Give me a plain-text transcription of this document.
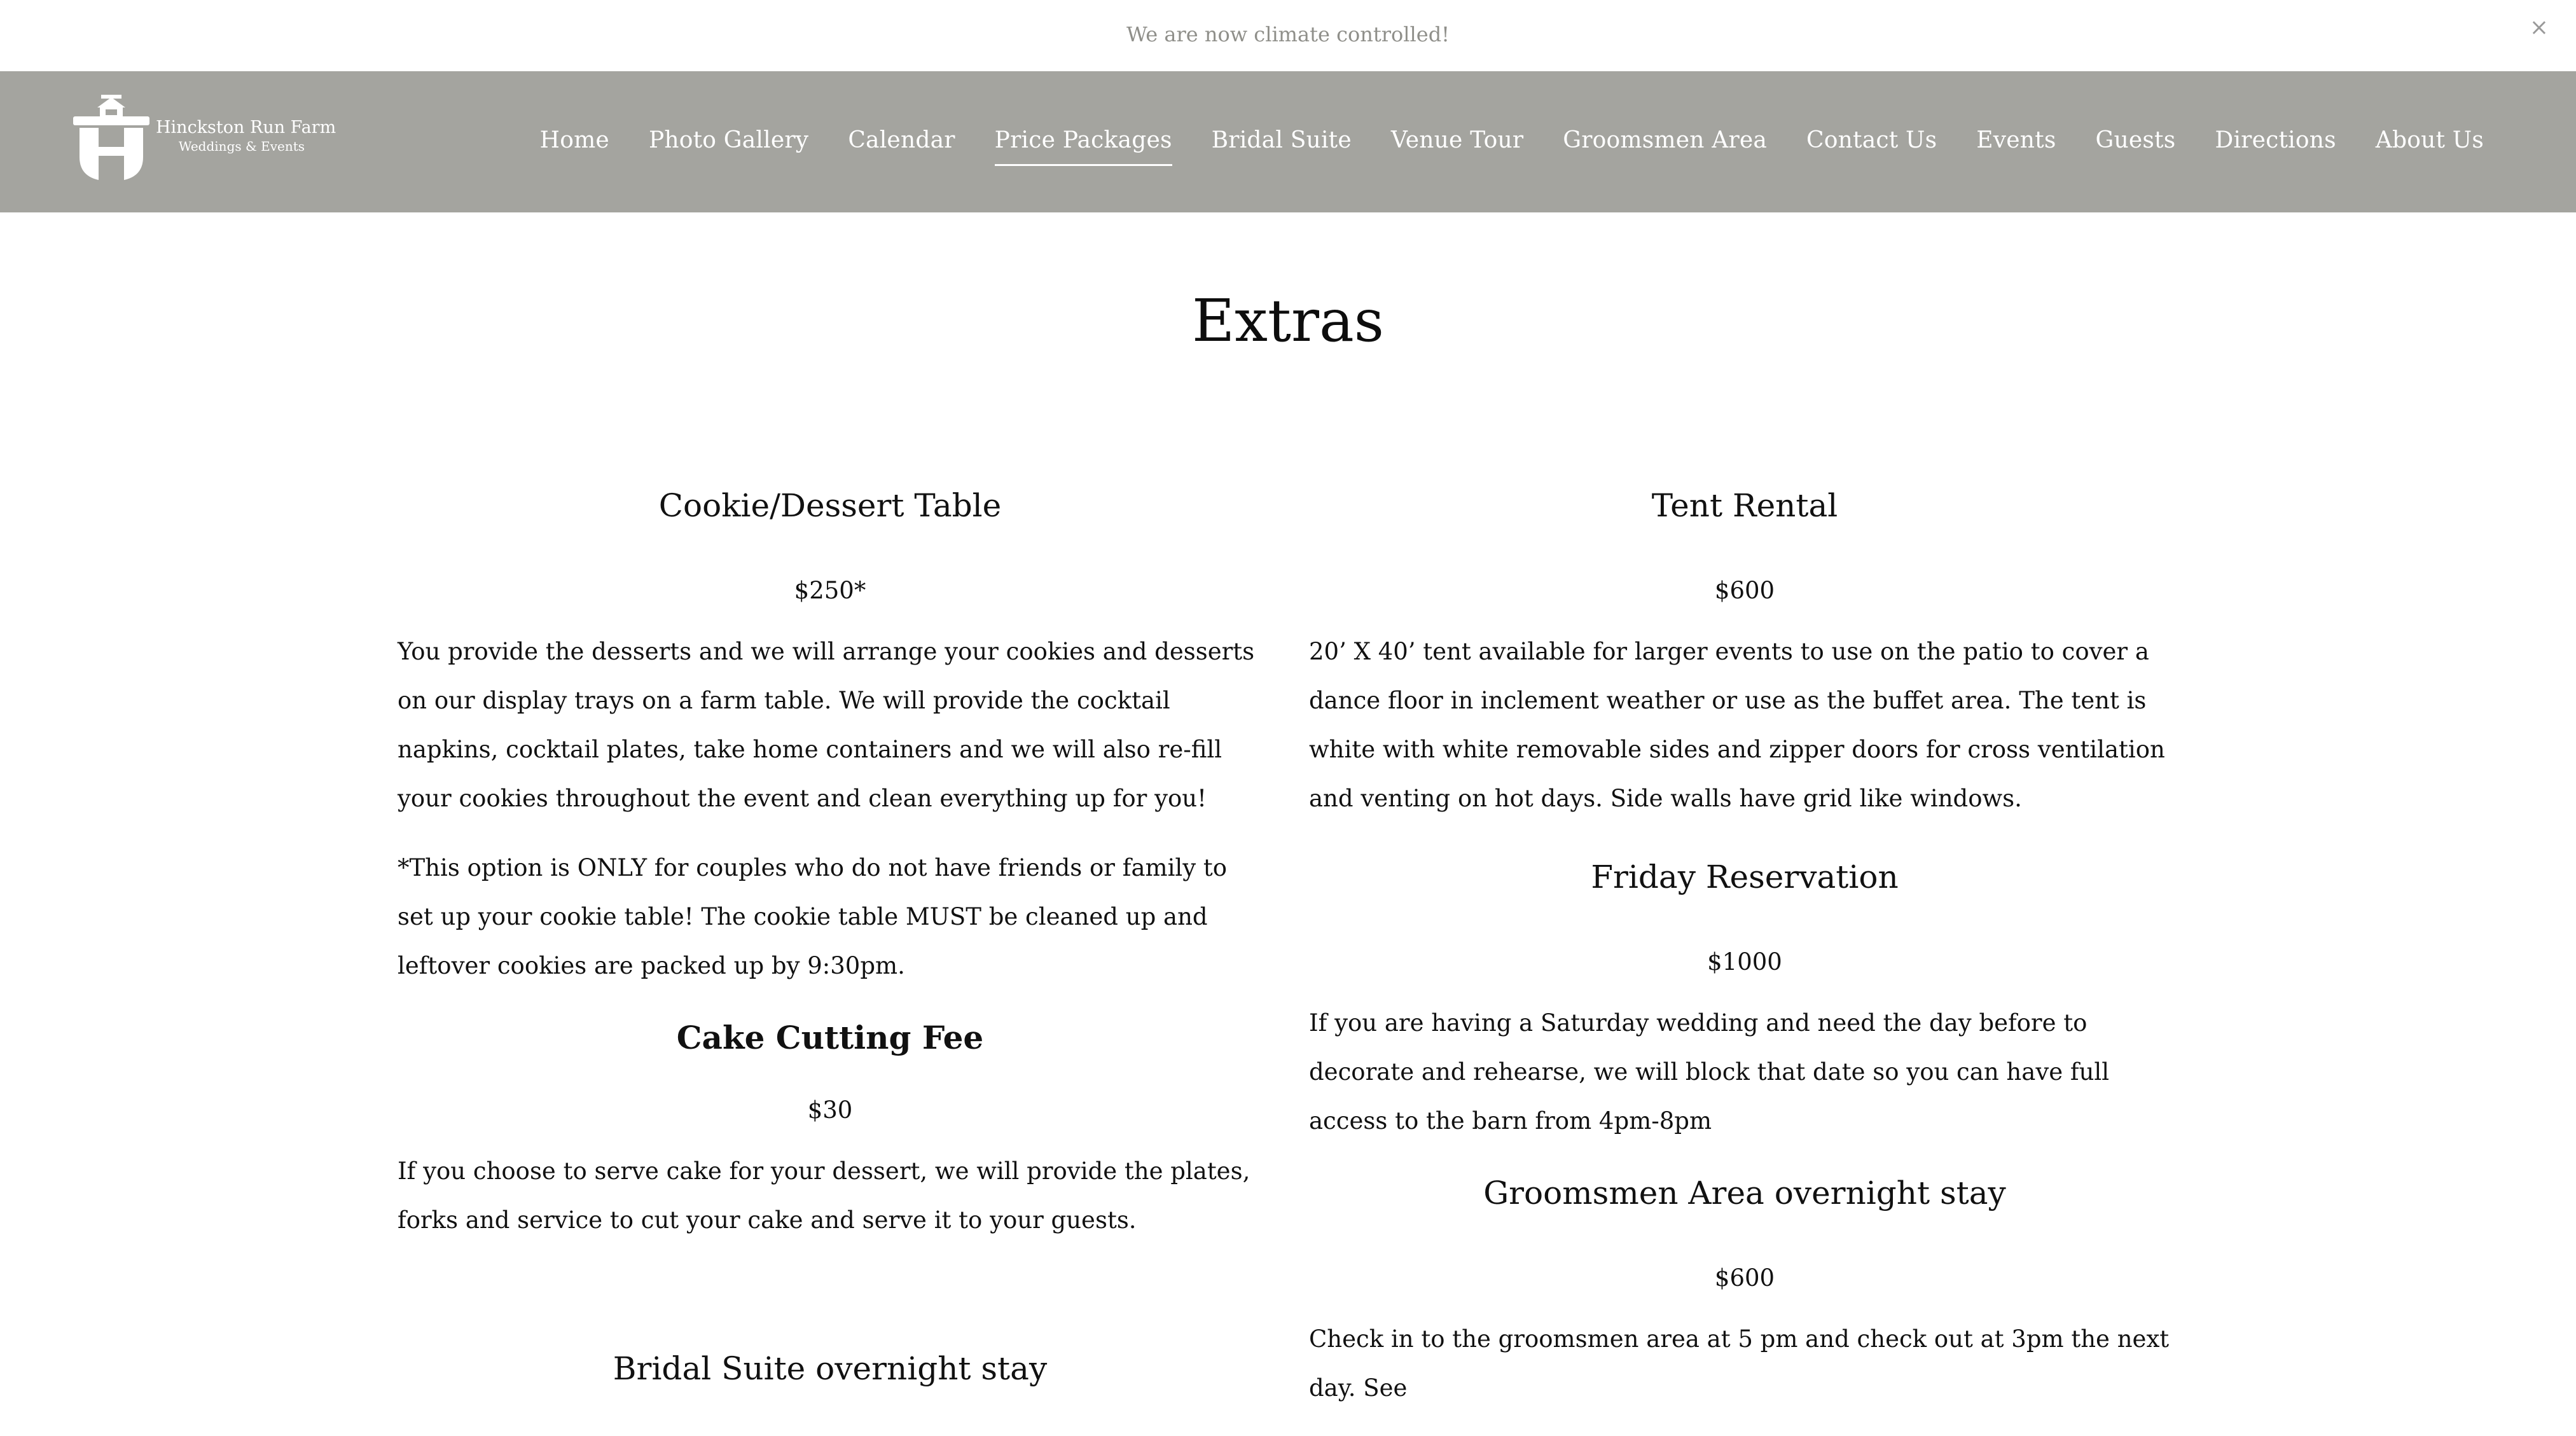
We are now climate controlled!	×
Hinckston Run Farm
Weddings & Events	Home Photo Gallery Calendar Price Packages Bridal Suite Venue Tour Groomsmen Area Contact Us Events Guests Directions About Us
Extras
Cookie/Dessert Table

$250*

You provide the desserts and we will arrange your cookies and desserts on our display trays on a farm table. We will provide the cocktail napkins, cocktail plates, take home containers and we will also re-fill your cookies throughout the event and clean everything up for you!

*This option is ONLY for couples who do not have friends or family to set up your cookie table! The cookie table MUST be cleaned up and leftover cookies are packed up by 9:30pm.

Cake Cutting Fee

$30

If you choose to serve cake for your dessert, we will provide the plates, forks and service to cut your cake and serve it to your guests.

Bridal Suite overnight stay
Tent Rental

$600

20’ X 40’ tent available for larger events to use on the patio to cover a dance floor in inclement weather or use as the buffet area. The tent is white with white removable sides and zipper doors for cross ventilation and venting on hot days. Side walls have grid like windows.

Friday Reservation

$1000

If you are having a Saturday wedding and need the day before to decorate and rehearse, we will block that date so you can have full access to the barn from 4pm-8pm

Groomsmen Area overnight stay

$600

Check in to the groomsmen area at 5 pm and check out at 3pm the next day. See
